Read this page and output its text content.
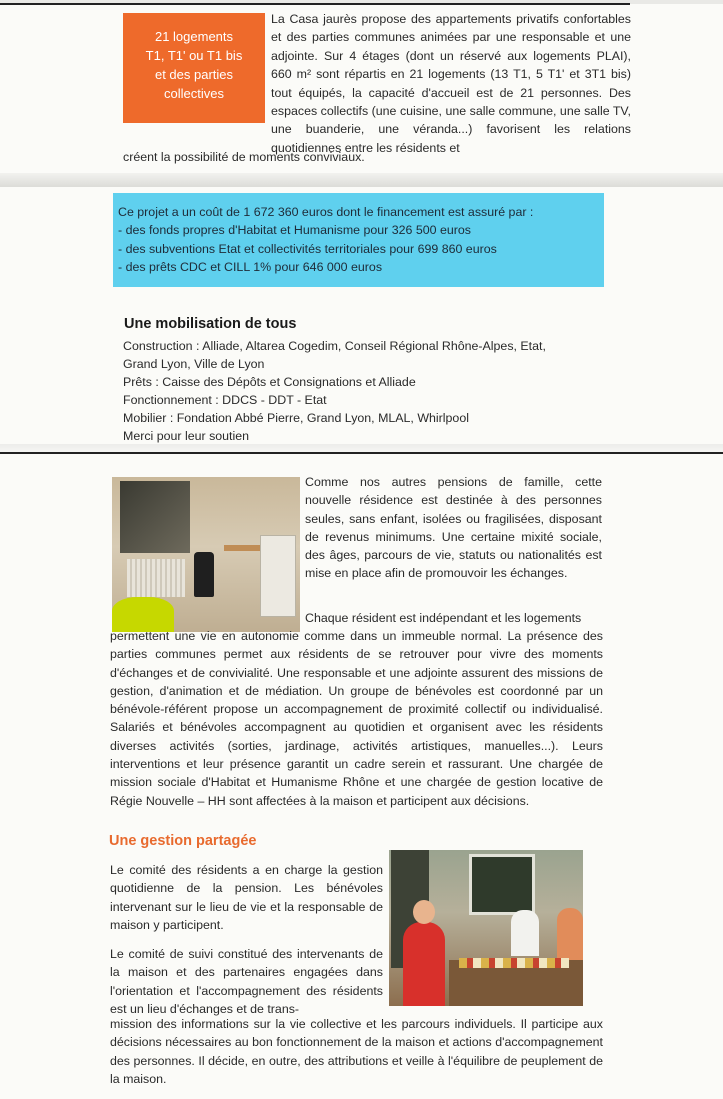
21 logements
T1, T1' ou T1 bis
et des parties
collectives
La Casa jaurès propose des appartements privatifs confortables et des parties communes animées par une responsable et une adjointe. Sur 4 étages (dont un réservé aux logements PLAI), 660 m² sont répartis en 21 logements (13 T1, 5 T1' et 3T1 bis) tout équipés, la capacité d'accueil est de 21 personnes. Des espaces collectifs (une cuisine, une salle commune, une salle TV, une buanderie, une véranda...) favorisent les relations quotidiennes entre les résidents et
créent la possibilité de moments conviviaux.
Ce projet a un coût de 1 672 360 euros dont le financement est assuré par :
- des fonds propres d'Habitat et Humanisme pour 326 500 euros
- des subventions Etat et collectivités territoriales pour 699 860 euros
- des prêts CDC et CILL 1% pour 646 000 euros
Une mobilisation de tous
Construction : Alliade, Altarea Cogedim, Conseil Régional Rhône-Alpes, Etat,
Grand Lyon, Ville de Lyon
Prêts : Caisse des Dépôts et Consignations et Alliade
Fonctionnement : DDCS - DDT - Etat
Mobilier : Fondation Abbé Pierre, Grand Lyon, MLAL, Whirlpool
Merci pour leur soutien
Comme nos autres pensions de famille, cette nouvelle résidence est destinée à des personnes seules, sans enfant, isolées ou fragilisées, disposant de revenus minimums. Une certaine mixité sociale, des âges, parcours de vie, statuts ou nationalités est mise en place afin de promouvoir les échanges.
Chaque résident est indépendant et les logements
permettent une vie en autonomie comme dans un immeuble normal. La présence des parties communes permet aux résidents de se retrouver pour vivre des moments d'échanges et de convivialité. Une responsable et une adjointe assurent des missions de gestion, d'animation et de médiation. Un groupe de bénévoles est coordonné par un bénévole-référent propose un accompagnement de proximité collectif ou individualisé. Salariés et bénévoles accompagnent au quotidien et organisent avec les résidents diverses activités (sorties, jardinage, activités artistiques, manuelles...). Leurs interventions et leur présence garantit un cadre serein et rassurant. Une chargée de mission sociale d'Habitat et Humanisme Rhône et une chargée de gestion locative de Régie Nouvelle – HH sont affectées à la maison et participent aux décisions.
Une gestion partagée
Le comité des résidents a en charge la gestion quotidienne de la pension. Les bénévoles intervenant sur le lieu de vie et la responsable de maison y participent.
Le comité de suivi constitué des intervenants de la maison et des partenaires engagées dans l'orientation et l'accompagnement des résidents est un lieu d'échanges et de trans-
mission des informations sur la vie collective et les parcours individuels. Il participe aux décisions nécessaires au bon fonctionnement de la maison et actions d'accompagnement des personnes. Il décide, en outre, des attributions et veille à l'équilibre de peuplement de la maison.
